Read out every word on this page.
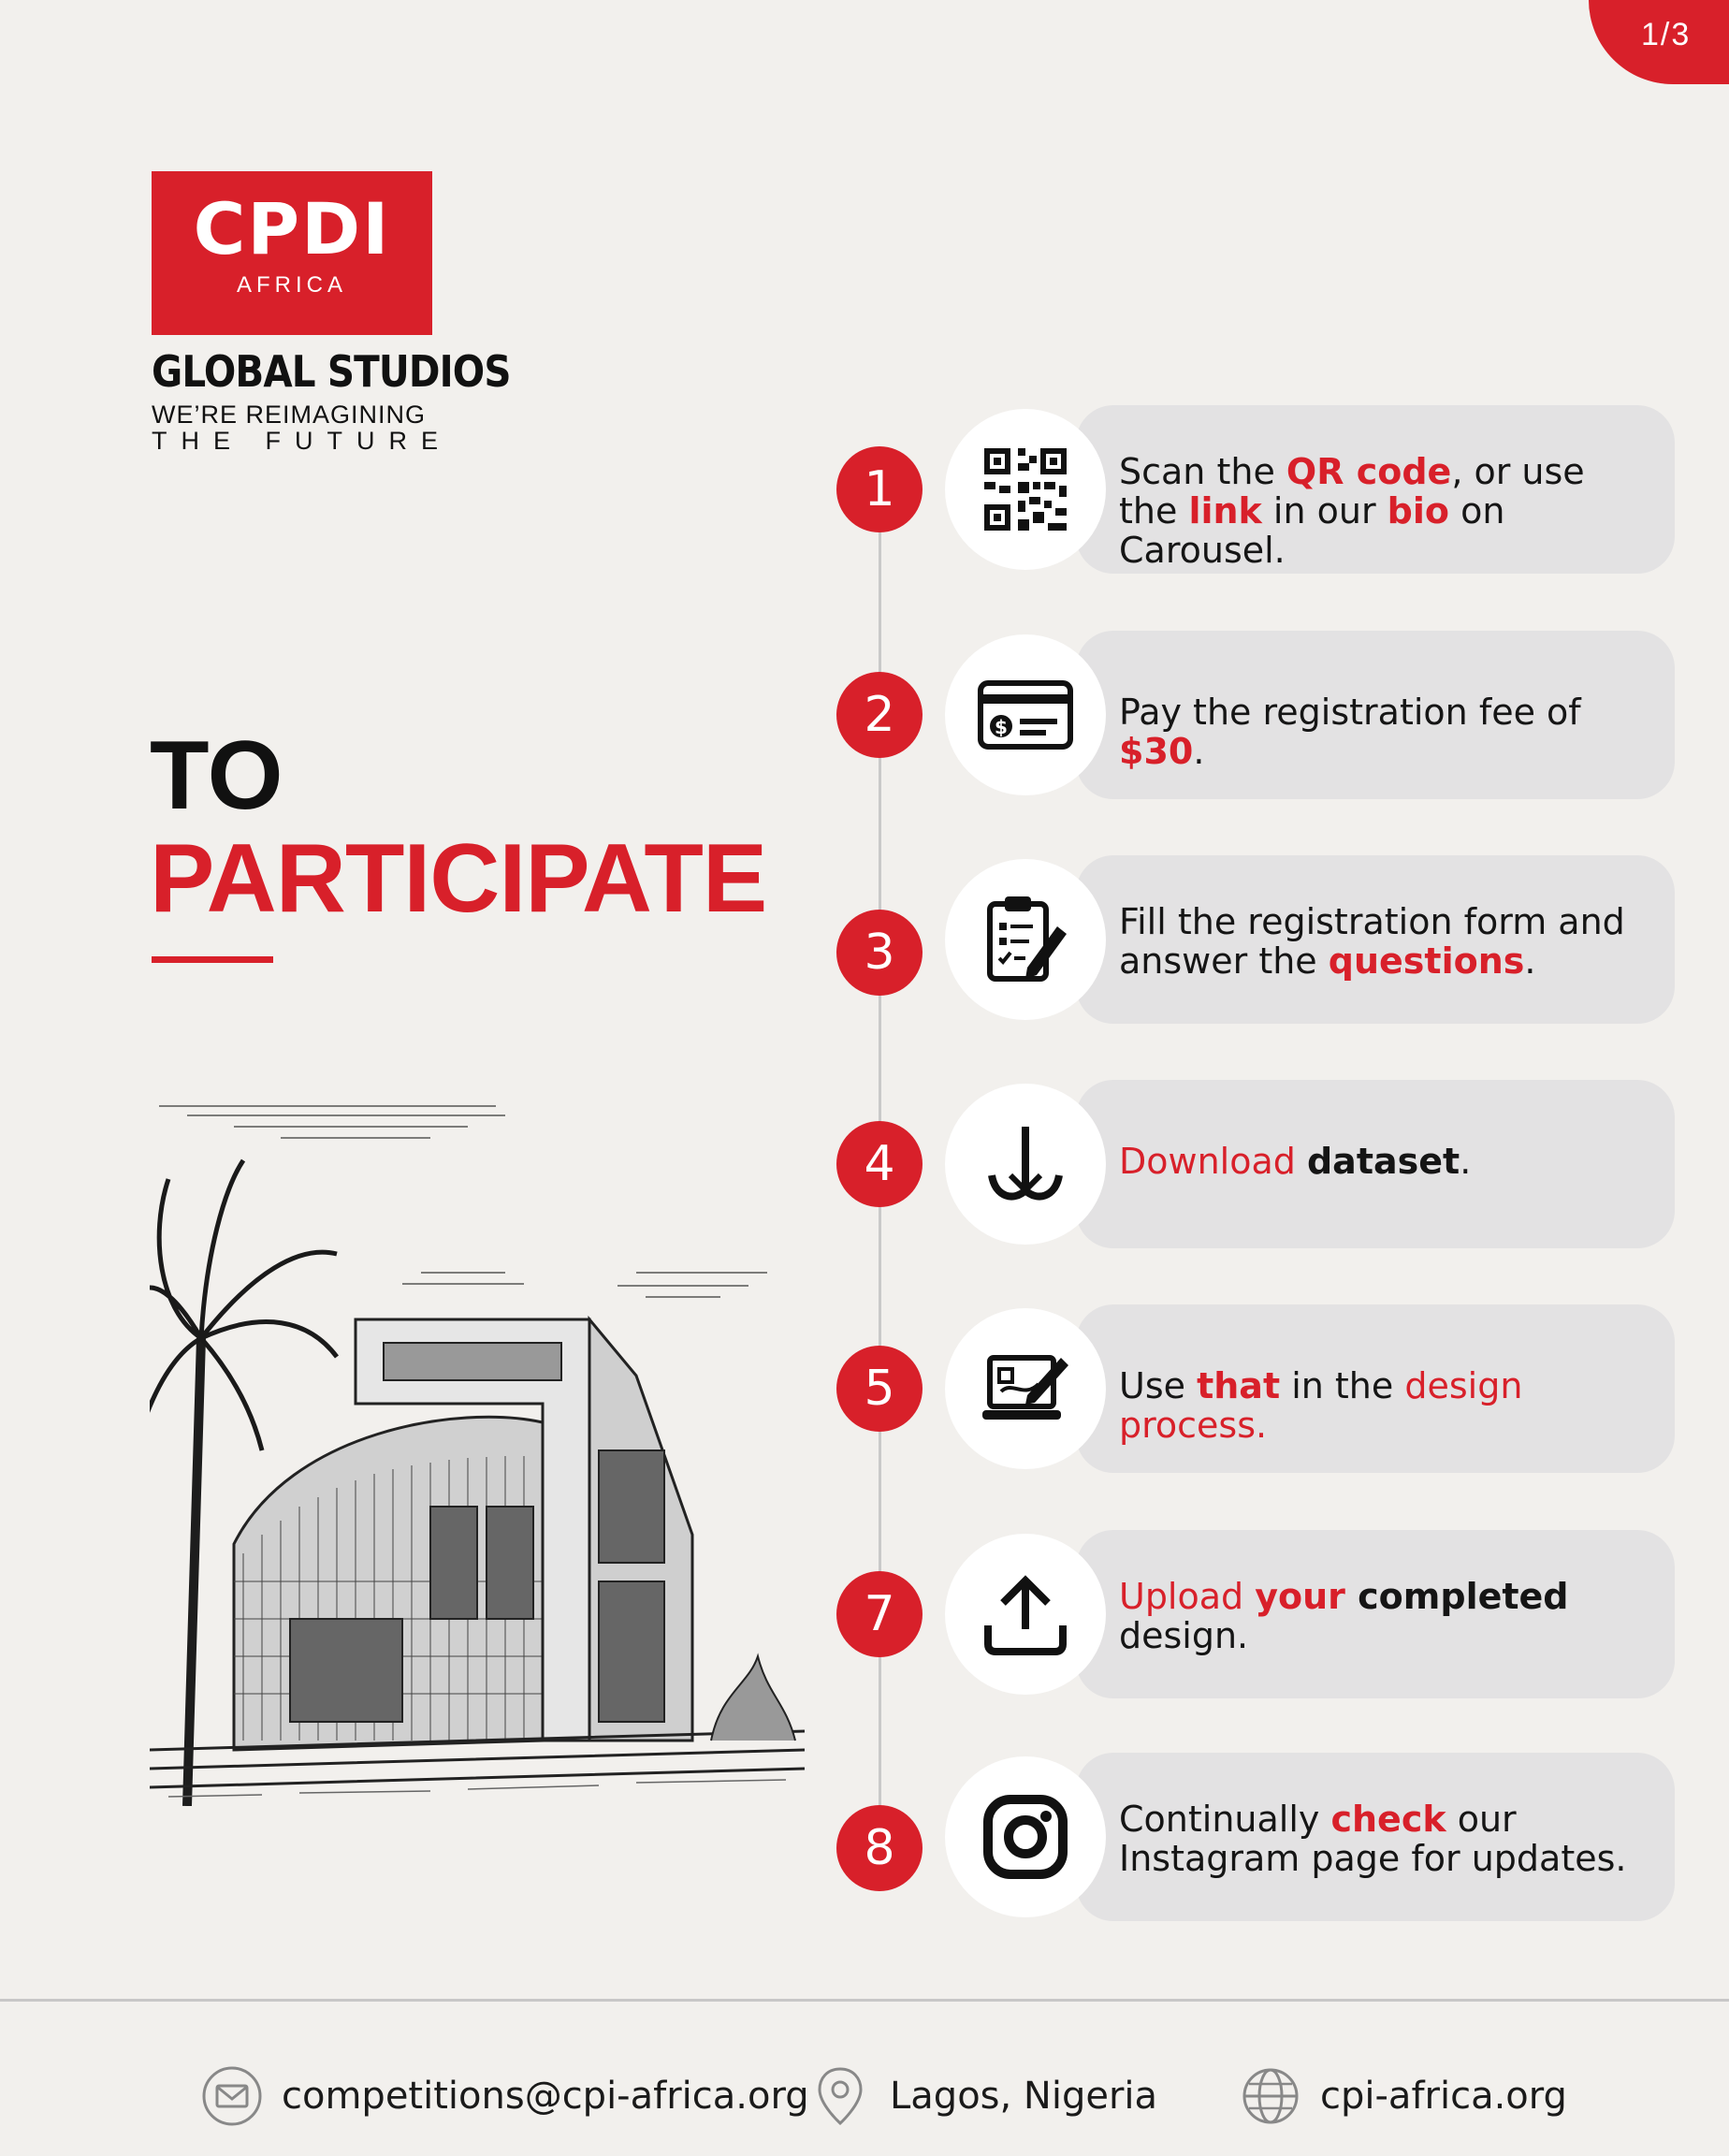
1/3
CPDI
AFRICA
GLOBAL STUDIOS
WE’RE REIMAGINING
THE FUTURE
TO
PARTICIPATE
1	Scan the QR code, or use the link in our bio on Carousel.
2	$	Pay the registration fee of $30.
3
Fill the registration form and answer the questions.
4	Download dataset.
5	Use that in the design process.
7	Upload your completed design.
8
Continually check our Instagram page for updates.
competitions@cpi-africa.org Lagos, Nigeria	cpi-africa.org
